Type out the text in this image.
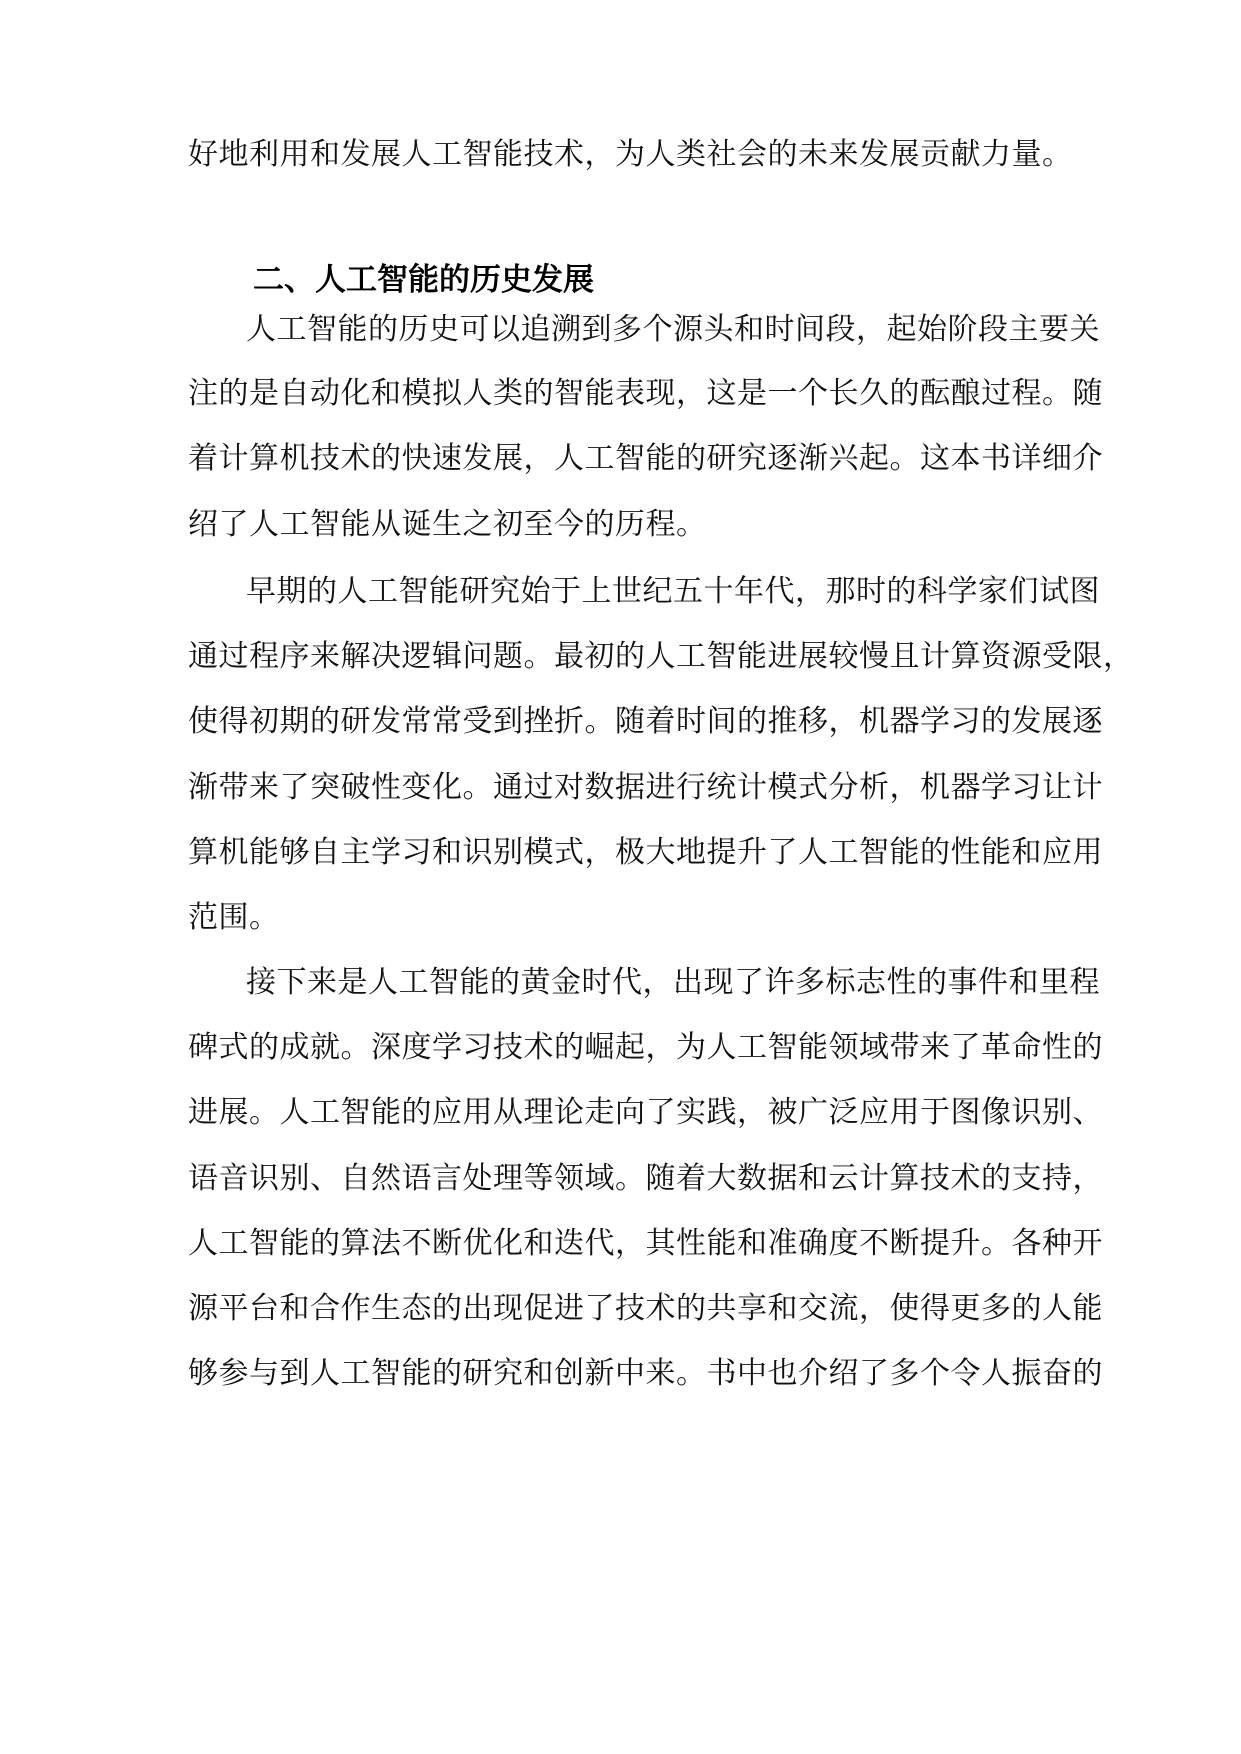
好地利用和发展人工智能技术，为人类社会的未来发展贡献力量。
二、人工智能的历史发展
人工智能的历史可以追溯到多个源头和时间段，起始阶段主要关
注的是自动化和模拟人类的智能表现，这是一个长久的酝酿过程。随
着计算机技术的快速发展，人工智能的研究逐渐兴起。这本书详细介
绍了人工智能从诞生之初至今的历程。
早期的人工智能研究始于上世纪五十年代，那时的科学家们试图
通过程序来解决逻辑问题。最初的人工智能进展较慢且计算资源受限，
使得初期的研发常常受到挫折。随着时间的推移，机器学习的发展逐
渐带来了突破性变化。通过对数据进行统计模式分析，机器学习让计
算机能够自主学习和识别模式，极大地提升了人工智能的性能和应用
范围。
接下来是人工智能的黄金时代，出现了许多标志性的事件和里程
碑式的成就。深度学习技术的崛起，为人工智能领域带来了革命性的
进展。人工智能的应用从理论走向了实践，被广泛应用于图像识别、
语音识别、自然语言处理等领域。随着大数据和云计算技术的支持，
人工智能的算法不断优化和迭代，其性能和准确度不断提升。各种开
源平台和合作生态的出现促进了技术的共享和交流，使得更多的人能
够参与到人工智能的研究和创新中来。书中也介绍了多个令人振奋的
